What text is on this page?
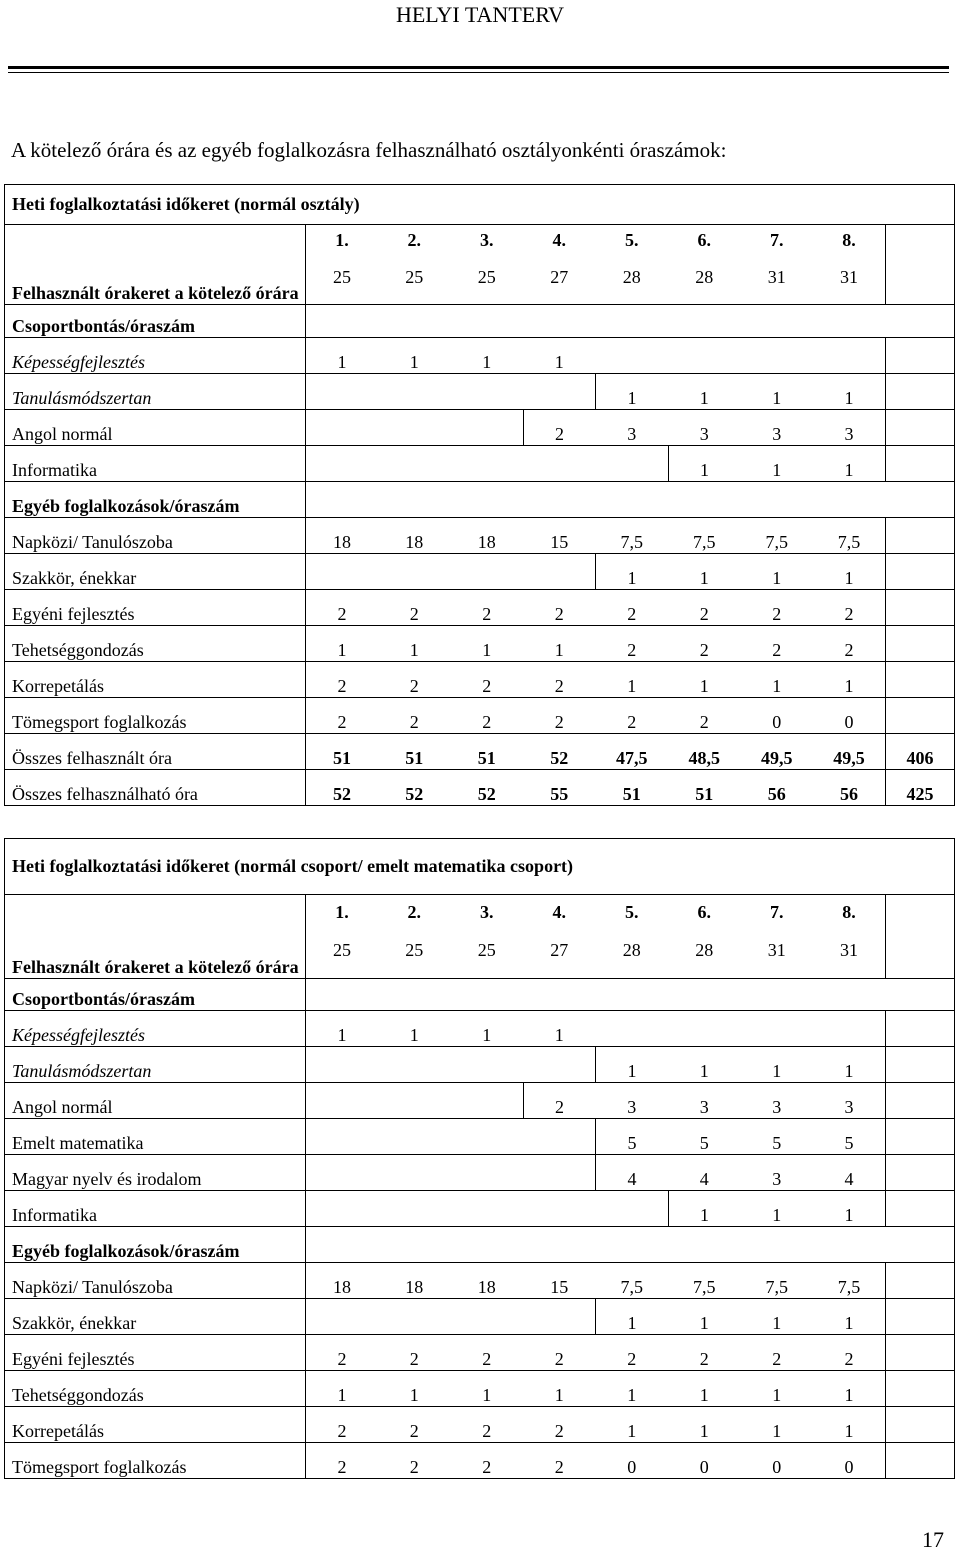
HELYI TANTERV
A kötelező órára és az egyéb foglalkozásra felhasználható osztályonkénti óraszámok:
Heti foglalkoztatási időkeret (normál osztály)									
	1.	2.	3.	4.	5.	6.	7.	8.	
Felhasznált órakeret a kötelező órára	25	25	25	27	28	28	31	31	
Csoportbontás/óraszám									
Képességfejlesztés	1	1	1	1					
Tanulásmódszertan					1	1	1	1	
Angol normál				2	3	3	3	3	
Informatika						1	1	1	
Egyéb foglalkozások/óraszám									
Napközi/ Tanulószoba	18	18	18	15	7,5	7,5	7,5	7,5	
Szakkör, énekkar					1	1	1	1	
Egyéni fejlesztés	2	2	2	2	2	2	2	2	
Tehetséggondozás	1	1	1	1	2	2	2	2	
Korrepetálás	2	2	2	2	1	1	1	1	
Tömegsport foglalkozás	2	2	2	2	2	2	0	0	
Összes felhasznált óra	51	51	51	52	47,5	48,5	49,5	49,5	406
Összes felhasználható óra	52	52	52	55	51	51	56	56	425
Heti foglalkoztatási időkeret (normál csoport/ emelt matematika csoport)									
	1.	2.	3.	4.	5.	6.	7.	8.	
Felhasznált órakeret a kötelező órára	25	25	25	27	28	28	31	31	
Csoportbontás/óraszám									
Képességfejlesztés	1	1	1	1					
Tanulásmódszertan					1	1	1	1	
Angol normál				2	3	3	3	3	
Emelt matematika					5	5	5	5	
Magyar nyelv és irodalom					4	4	3	4	
Informatika						1	1	1	
Egyéb foglalkozások/óraszám									
Napközi/ Tanulószoba	18	18	18	15	7,5	7,5	7,5	7,5	
Szakkör, énekkar					1	1	1	1	
Egyéni fejlesztés	2	2	2	2	2	2	2	2	
Tehetséggondozás	1	1	1	1	1	1	1	1	
Korrepetálás	2	2	2	2	1	1	1	1	
Tömegsport foglalkozás	2	2	2	2	0	0	0	0	
17
